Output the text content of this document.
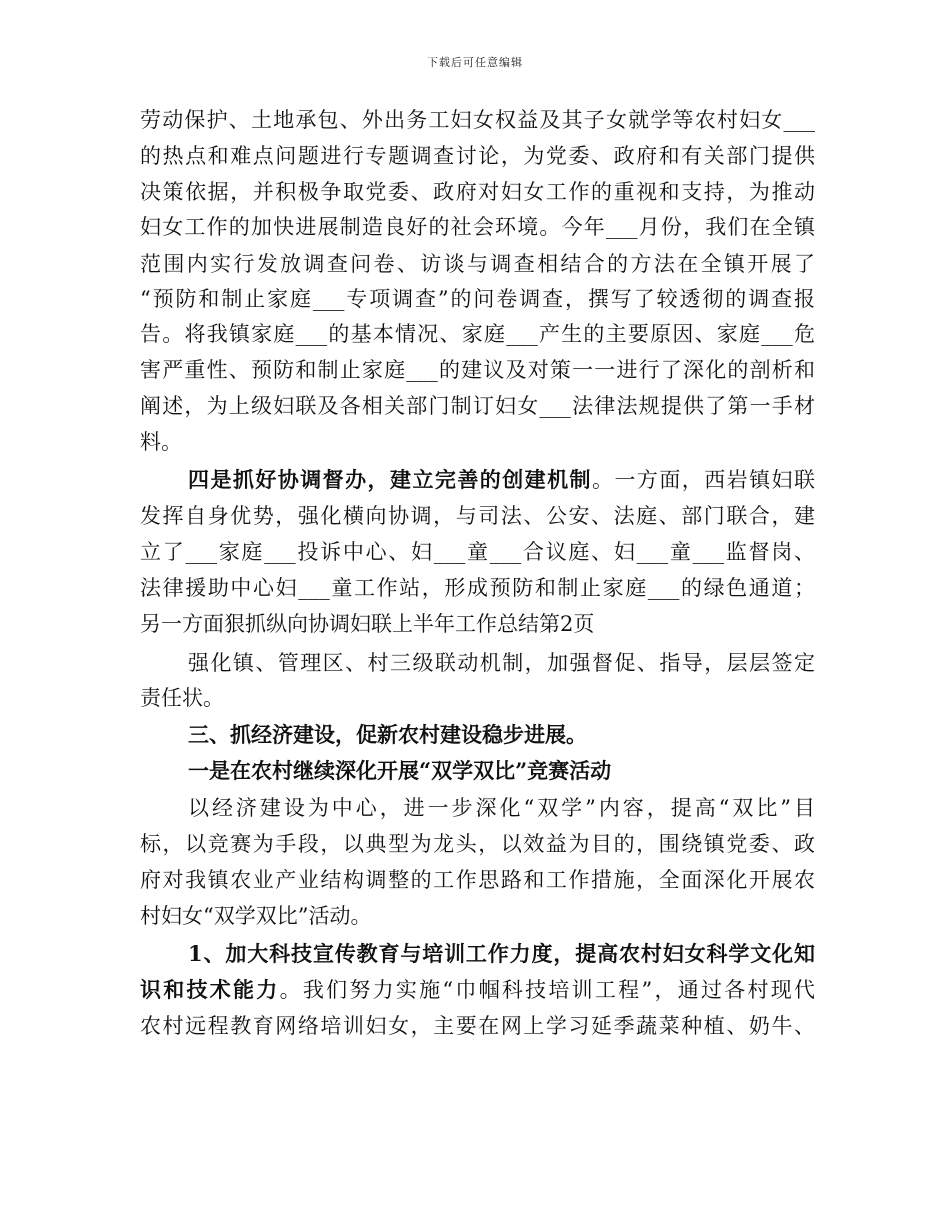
下载后可任意编辑
劳动保护、土地承包、外出务工妇女权益及其子女就学等农村妇女___
的热点和难点问题进行专题调查讨论，为党委、政府和有关部门提供
决策依据，并积极争取党委、政府对妇女工作的重视和支持，为推动
妇女工作的加快进展制造良好的社会环境。今年___月份，我们在全镇
范围内实行发放调查问卷、访谈与调查相结合的方法在全镇开展了
“预防和制止家庭___专项调查”的问卷调查，撰写了较透彻的调查报
告。将我镇家庭___的基本情况、家庭___产生的主要原因、家庭___危
害严重性、预防和制止家庭___的建议及对策一一进行了深化的剖析和
阐述，为上级妇联及各相关部门制订妇女___法律法规提供了第一手材
料。
四是抓好协调督办，建立完善的创建机制。一方面，西岩镇妇联
发挥自身优势，强化横向协调，与司法、公安、法庭、部门联合，建
立了___家庭___投诉中心、妇___童___合议庭、妇___童___监督岗、
法律援助中心妇___童工作站，形成预防和制止家庭___的绿色通道；
另一方面狠抓纵向协调妇联上半年工作总结第2页
强化镇、管理区、村三级联动机制，加强督促、指导，层层签定
责任状。
三、抓经济建设，促新农村建设稳步进展。
一是在农村继续深化开展“双学双比”竞赛活动
以经济建设为中心，进一步深化“双学”内容，提高“双比”目
标，以竞赛为手段，以典型为龙头，以效益为目的，围绕镇党委、政
府对我镇农业产业结构调整的工作思路和工作措施，全面深化开展农
村妇女“双学双比”活动。
1、加大科技宣传教育与培训工作力度，提高农村妇女科学文化知
识和技术能力。我们努力实施“巾帼科技培训工程”，通过各村现代
农村远程教育网络培训妇女，主要在网上学习延季蔬菜种植、奶牛、
